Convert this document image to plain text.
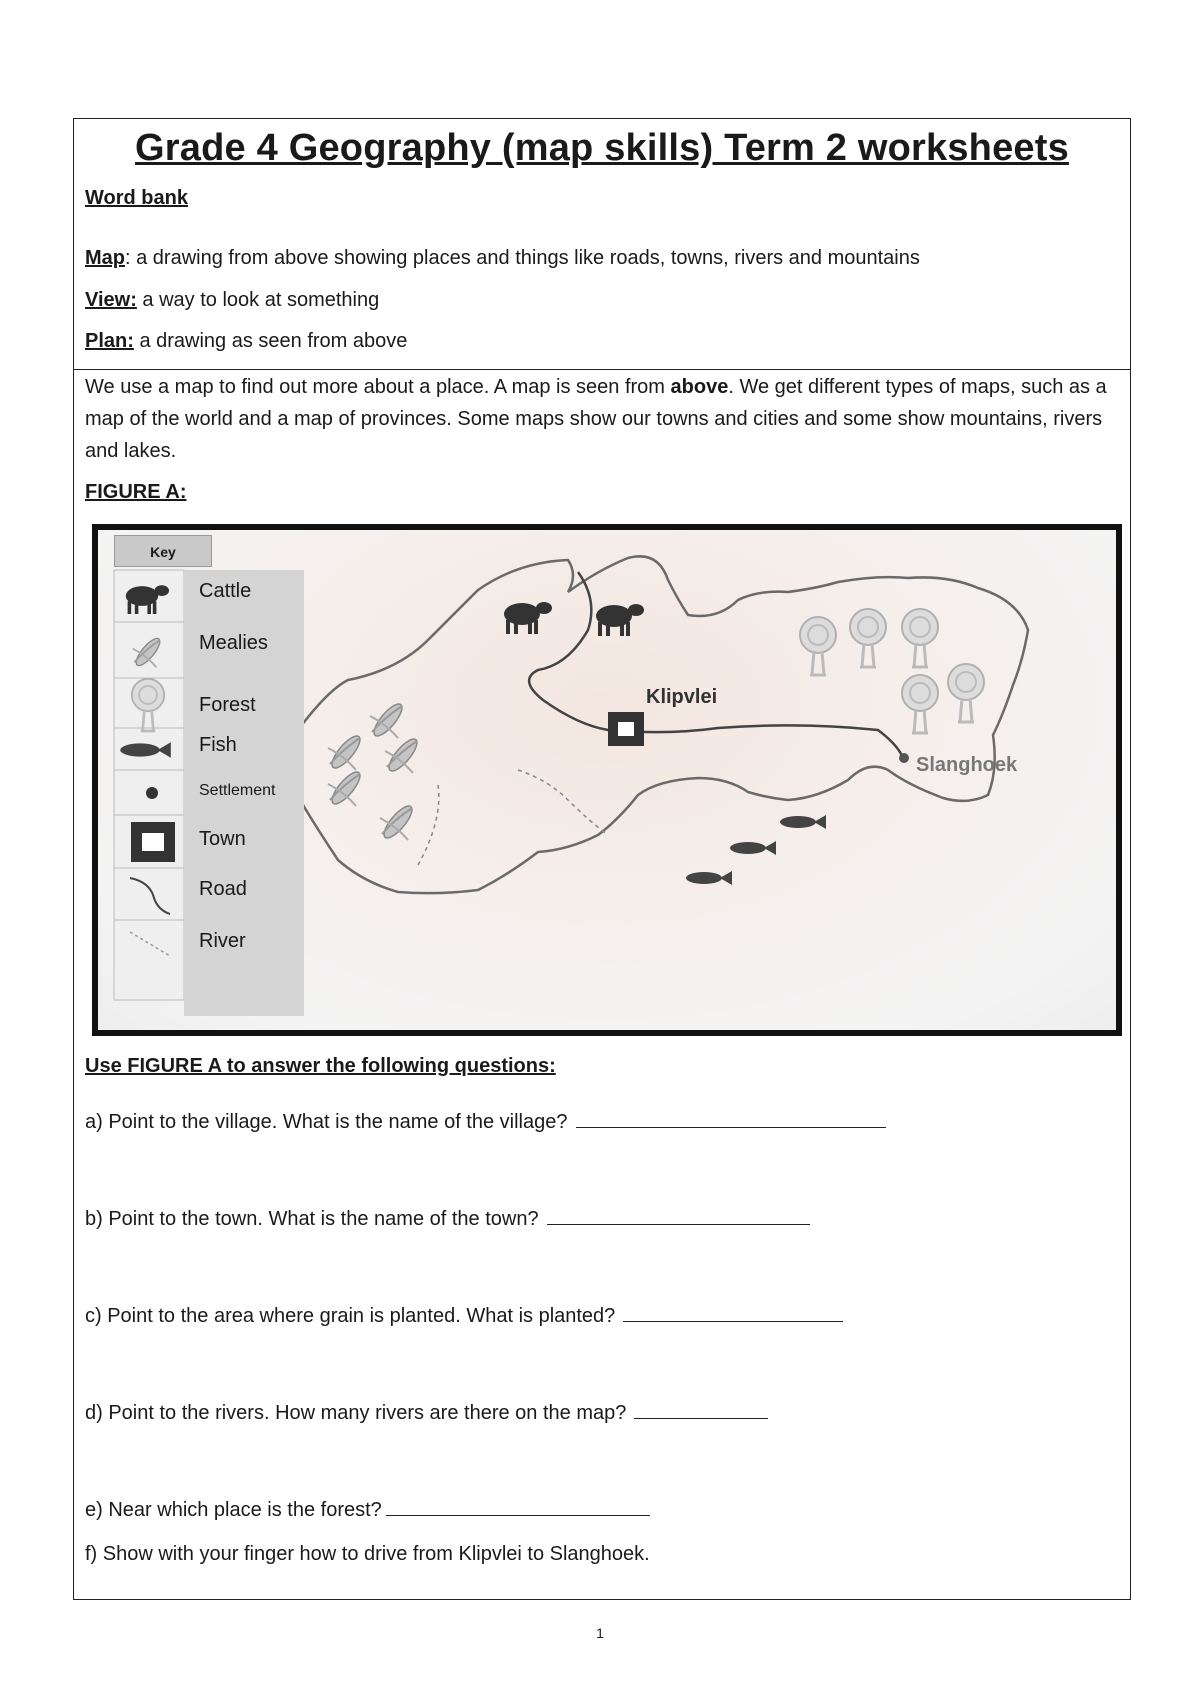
Grade 4 Geography (map skills) Term 2 worksheets
Word bank
Map: a drawing from above showing places and things like roads, towns, rivers and mountains
View: a way to look at something
Plan: a drawing as seen from above
We use a map to find out more about a place. A map is seen from above. We get different types of maps, such as a map of the world and a map of provinces. Some maps show our towns and cities and some show mountains, rivers and lakes.
FIGURE A:
Klipvlei
Slanghoek
Key
Cattle
Mealies
Forest
Fish
Settlement
Town
Road
River
Use FIGURE A to answer the following questions:
a) Point to the village. What is the name of the village?
b) Point to the town. What is the name of the town?
c) Point to the area where grain is planted. What is planted?
d) Point to the rivers. How many rivers are there on the map?
e) Near which place is the forest?
f) Show with your finger how to drive from Klipvlei to Slanghoek.
1
